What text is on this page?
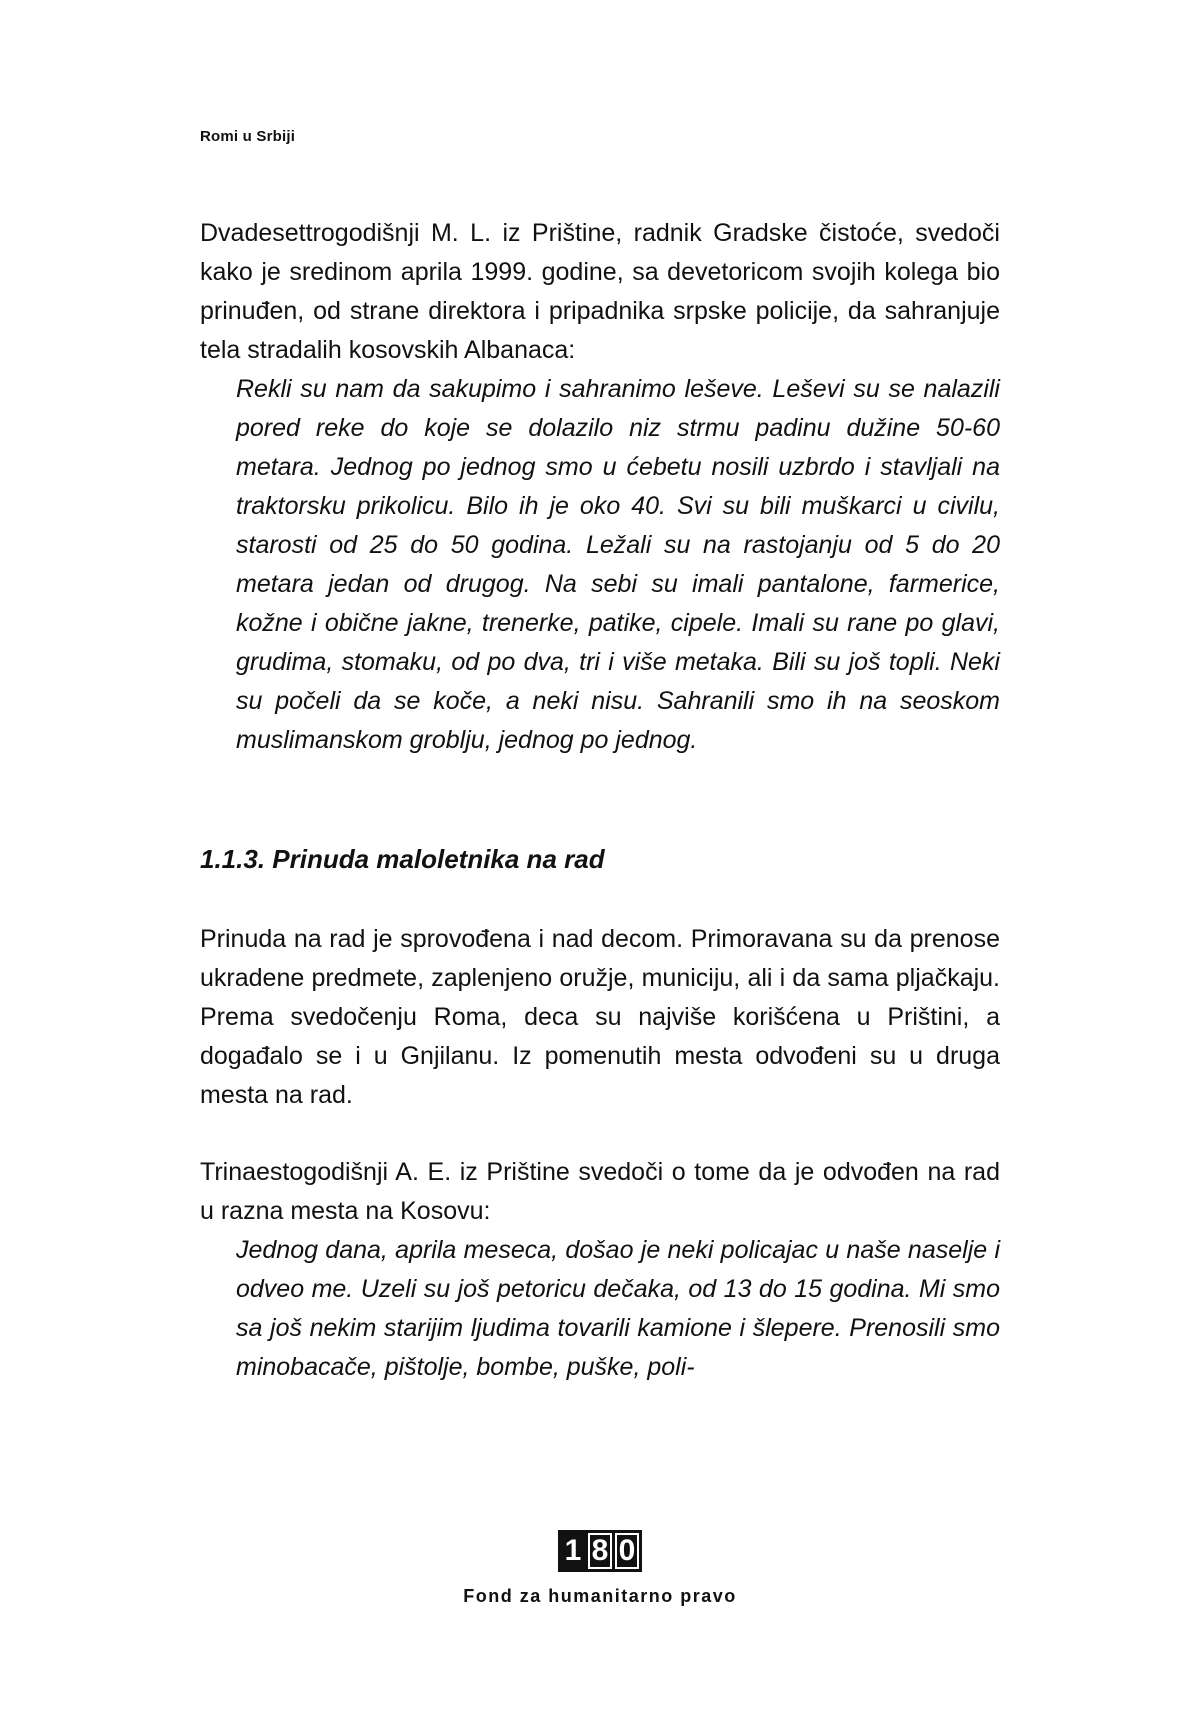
Romi u Srbiji

Dvadesettrogodišnji M. L. iz Prištine, radnik Gradske čistoće, svedoči kako je sredinom aprila 1999. godine, sa devetoricom svojih kolega bio prinuđen, od strane direktora i pripadnika srpske policije, da sahranjuje tela stradalih kosovskih Albanaca:

Rekli su nam da sakupimo i sahranimo leševe. Leševi su se nalazili pored reke do koje se dolazilo niz strmu padinu dužine 50-60 metara. Jednog po jednog smo u ćebetu nosili uzbrdo i stavljali na traktorsku prikolicu. Bilo ih je oko 40. Svi su bili muškarci u civilu, starosti od 25 do 50 godina. Ležali su na rastojanju od 5 do 20 metara jedan od drugog. Na sebi su imali pantalone, farmerice, kožne i obične jakne, trenerke, patike, cipele. Imali su rane po glavi, grudima, stomaku, od po dva, tri i više metaka. Bili su još topli. Neki su počeli da se koče, a neki nisu. Sahranili smo ih na seoskom muslimanskom groblju, jednog po jednog.

1.1.3. Prinuda maloletnika na rad

Prinuda na rad je sprovođena i nad decom. Primoravana su da prenose ukradene predmete, zaplenjeno oružje, municiju, ali i da sama pljačkaju. Prema svedočenju Roma, deca su najviše korišćena u Prištini, a događalo se i u Gnjilanu. Iz pomenutih mesta odvođeni su u druga mesta na rad.

Trinaestogodišnji A. E. iz Prištine svedoči o tome da je odvođen na rad u razna mesta na Kosovu:

Jednog dana, aprila meseca, došao je neki policajac u naše naselje i odveo me. Uzeli su još petoricu dečaka, od 13 do 15 godina. Mi smo sa još nekim starijim ljudima tovarili kamione i šlepere. Prenosili smo minobacače, pištolje, bombe, puške, poli-

1 8 0
Fond za humanitarno pravo
